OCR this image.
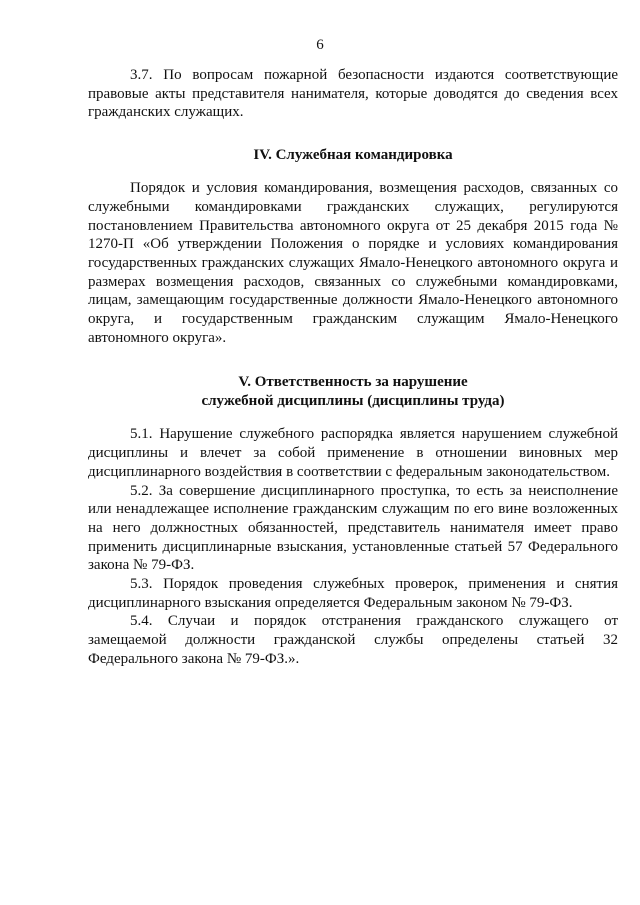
6

3.7. По вопросам пожарной безопасности издаются соответствующие правовые акты представителя нанимателя, которые доводятся до сведения всех гражданских служащих.

IV. Служебная командировка

Порядок и условия командирования, возмещения расходов, связанных со служебными командировками гражданских служащих, регулируются постановлением Правительства автономного округа от 25 декабря 2015 года № 1270-П «Об утверждении Положения о порядке и условиях командирования государственных гражданских служащих Ямало-Ненецкого автономного округа и размерах возмещения расходов, связанных со служебными командировками, лицам, замещающим государственные должности Ямало-Ненецкого автономного округа, и государственным гражданским служащим Ямало-Ненецкого автономного округа».

V. Ответственность за нарушение
служебной дисциплины (дисциплины труда)

5.1. Нарушение служебного распорядка является нарушением служебной дисциплины и влечет за собой применение в отношении виновных мер дисциплинарного воздействия в соответствии с федеральным законодательством.

5.2. За совершение дисциплинарного проступка, то есть за неисполнение или ненадлежащее исполнение гражданским служащим по его вине возложенных на него должностных обязанностей, представитель нанимателя имеет право применить дисциплинарные взыскания, установленные статьей 57 Федерального закона № 79-ФЗ.

5.3. Порядок проведения служебных проверок, применения и снятия дисциплинарного взыскания определяется Федеральным законом № 79-ФЗ.

5.4. Случаи и порядок отстранения гражданского служащего от замещаемой должности гражданской службы определены статьей 32 Федерального закона № 79-ФЗ.».
